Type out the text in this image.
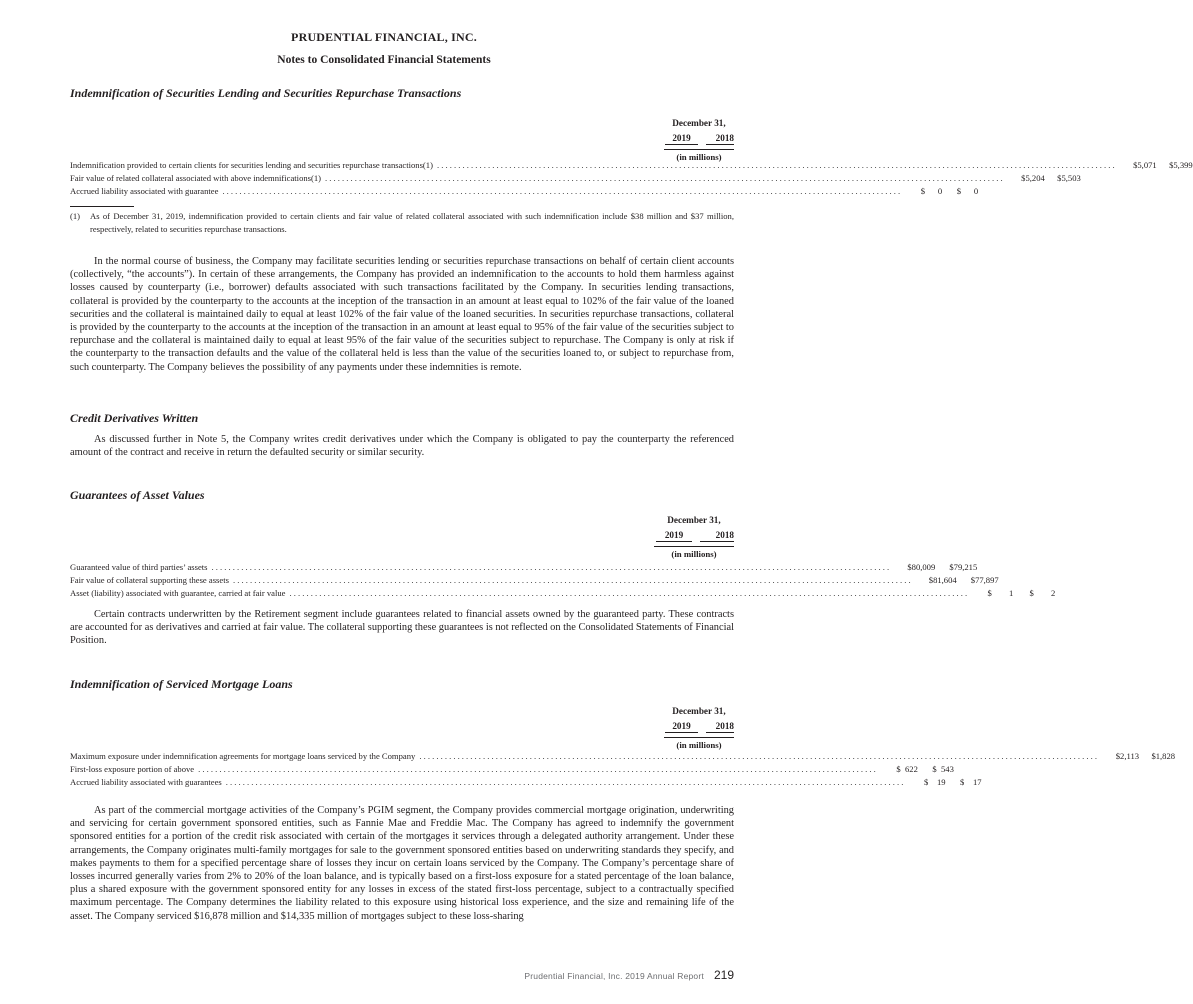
PRUDENTIAL FINANCIAL, INC.
Notes to Consolidated Financial Statements
Indemnification of Securities Lending and Securities Repurchase Transactions
December 31,
2019	2018
(in millions)
Indemnification provided to certain clients for securities lending and securities repurchase transactions(1) ................................................................................................................................................................	$5,071	$5,399
Fair value of related collateral associated with above indemnifications(1) ................................................................................................................................................................	$5,204	$5,503
Accrued liability associated with guarantee ................................................................................................................................................................	$      0	$      0
(1) As of December 31, 2019, indemnification provided to certain clients and fair value of related collateral associated with such indemnification include $38 million and $37 million, respectively, related to securities repurchase transactions.
In the normal course of business, the Company may facilitate securities lending or securities repurchase transactions on behalf of certain client accounts (collectively, “the accounts”). In certain of these arrangements, the Company has provided an indemnification to the accounts to hold them harmless against losses caused by counterparty (i.e., borrower) defaults associated with such transactions facilitated by the Company. In securities lending transactions, collateral is provided by the counterparty to the accounts at the inception of the transaction in an amount at least equal to 102% of the fair value of the loaned securities and the collateral is maintained daily to equal at least 102% of the fair value of the loaned securities. In securities repurchase transactions, collateral is provided by the counterparty to the accounts at the inception of the transaction in an amount at least equal to 95% of the fair value of the securities subject to repurchase and the collateral is maintained daily to equal at least 95% of the fair value of the securities subject to repurchase. The Company is only at risk if the counterparty to the transaction defaults and the value of the collateral held is less than the value of the securities loaned to, or subject to repurchase from, such counterparty. The Company believes the possibility of any payments under these indemnities is remote.
Credit Derivatives Written
As discussed further in Note 5, the Company writes credit derivatives under which the Company is obligated to pay the counterparty the referenced amount of the contract and receive in return the defaulted security or similar security.
Guarantees of Asset Values
December 31,
2019	2018
(in millions)
Guaranteed value of third parties’ assets ................................................................................................................................................................	$80,009	$79,215
Fair value of collateral supporting these assets ................................................................................................................................................................	$81,604	$77,897
Asset (liability) associated with guarantee, carried at fair value ................................................................................................................................................................	$        1	$        2
Certain contracts underwritten by the Retirement segment include guarantees related to financial assets owned by the guaranteed party. These contracts are accounted for as derivatives and carried at fair value. The collateral supporting these guarantees is not reflected on the Consolidated Statements of Financial Position.
Indemnification of Serviced Mortgage Loans
December 31,
2019	2018
(in millions)
Maximum exposure under indemnification agreements for mortgage loans serviced by the Company ................................................................................................................................................................	$2,113	$1,828
First-loss exposure portion of above ................................................................................................................................................................	$  622	$  543
Accrued liability associated with guarantees ................................................................................................................................................................	$    19	$    17
As part of the commercial mortgage activities of the Company’s PGIM segment, the Company provides commercial mortgage origination, underwriting and servicing for certain government sponsored entities, such as Fannie Mae and Freddie Mac. The Company has agreed to indemnify the government sponsored entities for a portion of the credit risk associated with certain of the mortgages it services through a delegated authority arrangement. Under these arrangements, the Company originates multi-family mortgages for sale to the government sponsored entities based on underwriting standards they specify, and makes payments to them for a specified percentage share of losses they incur on certain loans serviced by the Company. The Company’s percentage share of losses incurred generally varies from 2% to 20% of the loan balance, and is typically based on a first-loss exposure for a stated percentage of the loan balance, plus a shared exposure with the government sponsored entity for any losses in excess of the stated first-loss percentage, subject to a contractually specified maximum percentage. The Company determines the liability related to this exposure using historical loss experience, and the size and remaining life of the asset. The Company serviced $16,878 million and $14,335 million of mortgages subject to these loss-sharing
Prudential Financial, Inc. 2019 Annual Report 219
